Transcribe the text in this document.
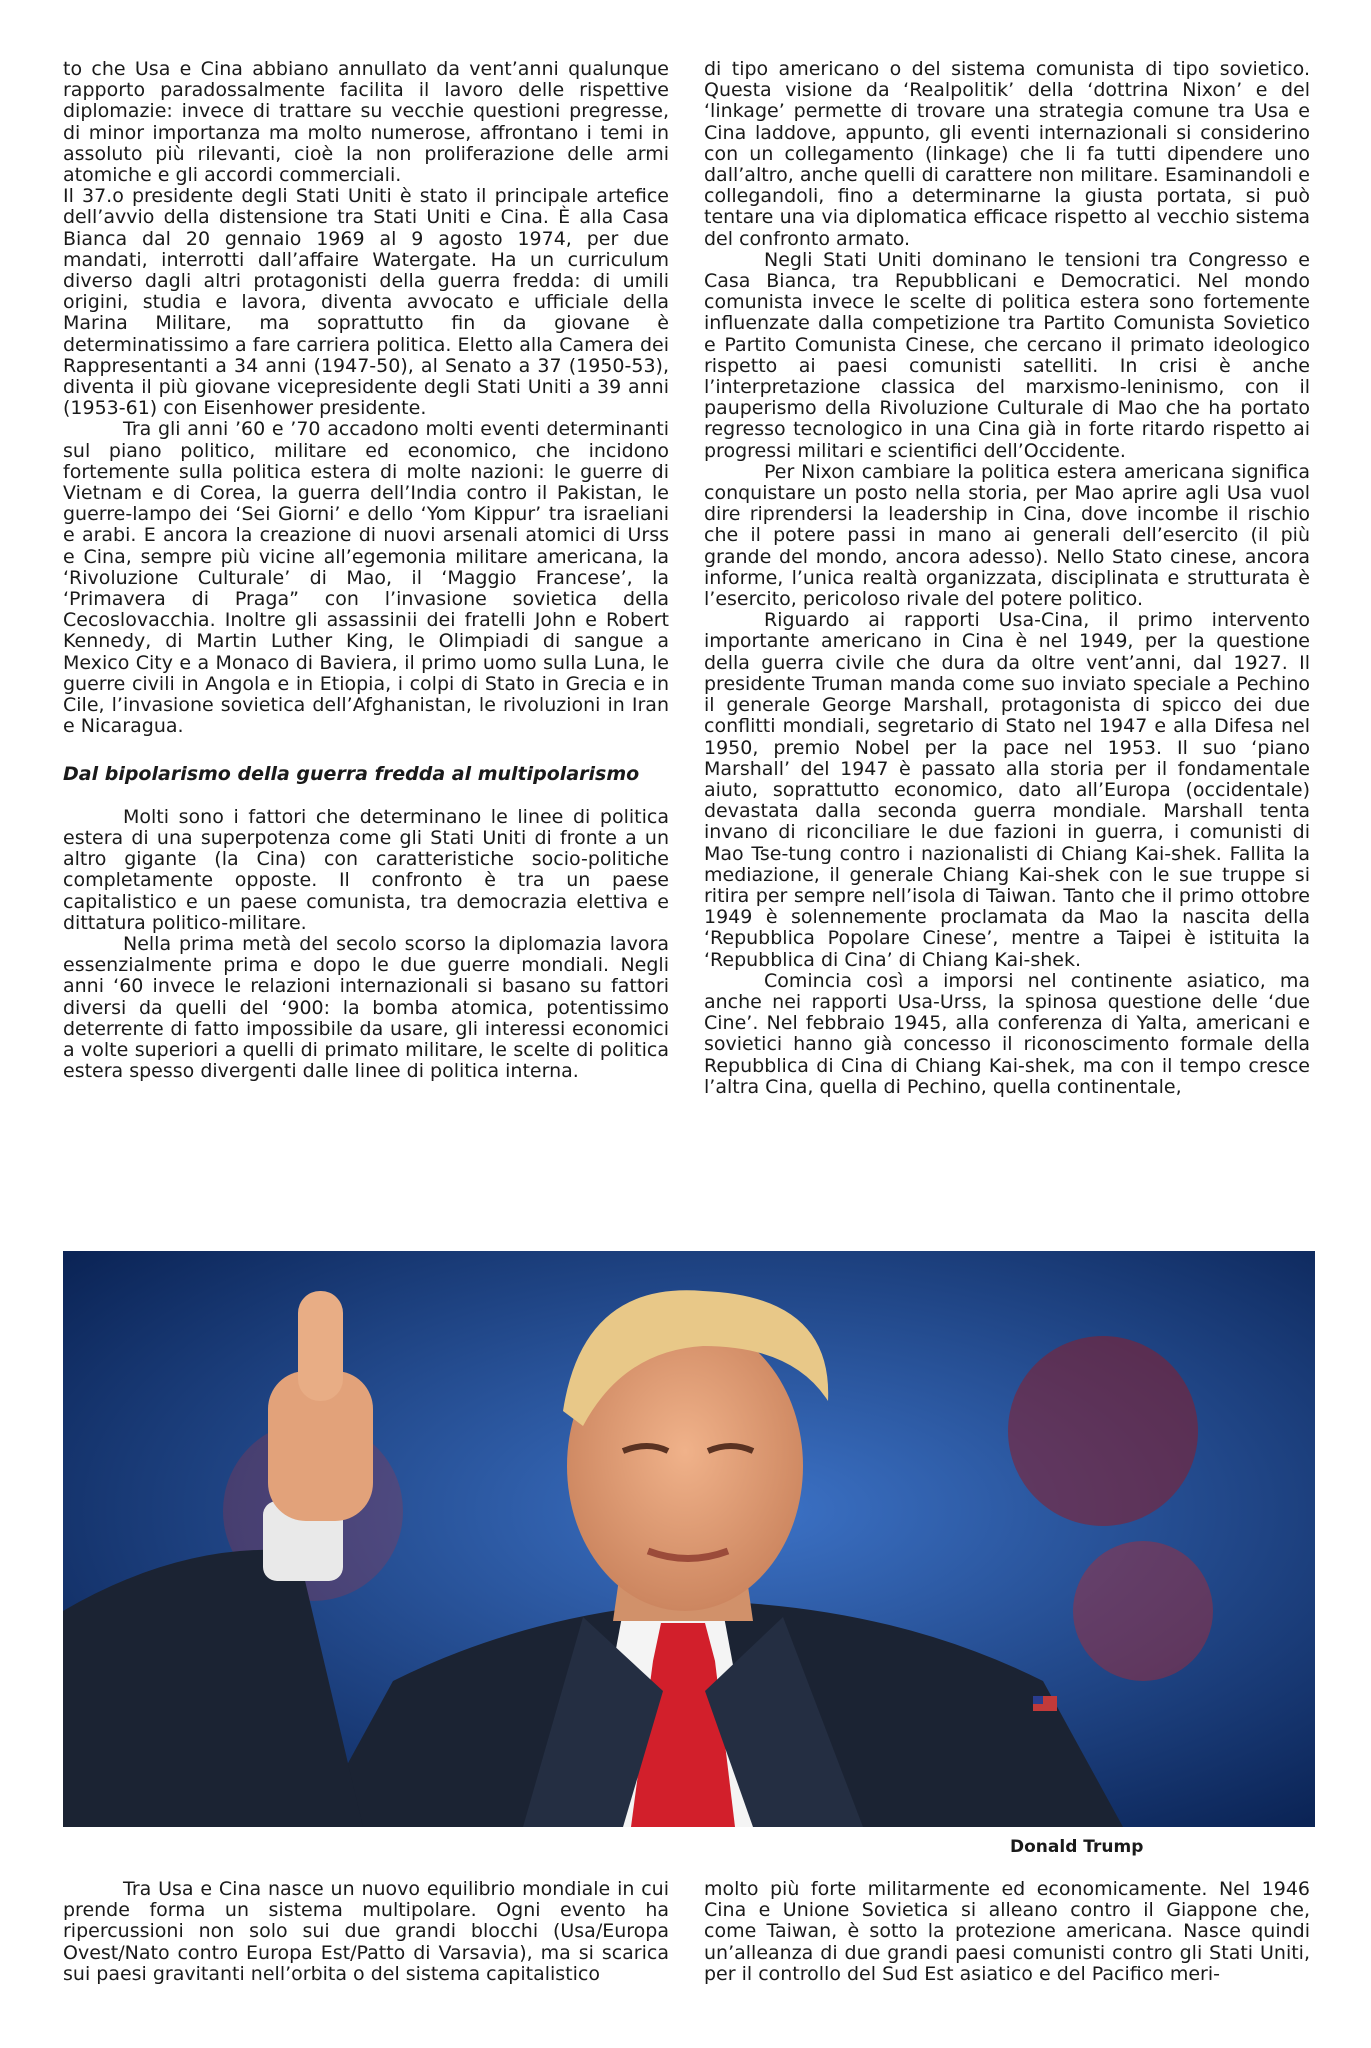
to che Usa e Cina abbiano annullato da vent’anni qualunque rapporto paradossalmente facilita il lavoro delle rispettive diplomazie: invece di trattare su vecchie questioni pregresse, di minor importanza ma molto numerose, affrontano i temi in assoluto più rilevanti, cioè la non proliferazione delle armi atomiche e gli accordi commerciali.

Il 37.o presidente degli Stati Uniti è stato il principale artefice dell’avvio della distensione tra Stati Uniti e Cina. È alla Casa Bianca dal 20 gennaio 1969 al 9 agosto 1974, per due mandati, interrotti dall’affaire Watergate. Ha un curriculum diverso dagli altri protagonisti della guerra fredda: di umili origini, studia e lavora, diventa avvocato e ufficiale della Marina Militare, ma soprattutto fin da giovane è determinatissimo a fare carriera politica. Eletto alla Camera dei Rappresentanti a 34 anni (1947-50), al Senato a 37 (1950-53), diventa il più giovane vicepresidente degli Stati Uniti a 39 anni (1953-61) con Eisenhower presidente.

Tra gli anni ’60 e ’70 accadono molti eventi determinanti sul piano politico, militare ed economico, che incidono fortemente sulla politica estera di molte nazioni: le guerre di Vietnam e di Corea, la guerra dell’India contro il Pakistan, le guerre-lampo dei ‘Sei Giorni’ e dello ‘Yom Kippur’ tra israeliani e arabi. E ancora la creazione di nuovi arsenali atomici di Urss e Cina, sempre più vicine all’egemonia militare americana, la ‘Rivoluzione Culturale’ di Mao, il ‘Maggio Francese’, la ‘Primavera di Praga” con l’invasione sovietica della Cecoslovacchia. Inoltre gli assassinii dei fratelli John e Robert Kennedy, di Martin Luther King, le Olimpiadi di sangue a Mexico City e a Monaco di Baviera, il primo uomo sulla Luna, le guerre civili in Angola e in Etiopia, i colpi di Stato in Grecia e in Cile, l’invasione sovietica dell’Afghanistan, le rivoluzioni in Iran e Nicaragua.

Dal bipolarismo della guerra fredda al multipolarismo

Molti sono i fattori che determinano le linee di politica estera di una superpotenza come gli Stati Uniti di fronte a un altro gigante (la Cina) con caratteristiche socio-politiche completamente opposte. Il confronto è tra un paese capitalistico e un paese comunista, tra democrazia elettiva e dittatura politico-militare.

Nella prima metà del secolo scorso la diplomazia lavora essenzialmente prima e dopo le due guerre mondiali. Negli anni ‘60 invece le relazioni internazionali si basano su fattori diversi da quelli del ‘900: la bomba atomica, potentissimo deterrente di fatto impossibile da usare, gli interessi economici a volte superiori a quelli di primato militare, le scelte di politica estera spesso divergenti dalle linee di politica interna.

di tipo americano o del sistema comunista di tipo sovietico. Questa visione da ‘Realpolitik’ della ‘dottrina Nixon’ e del ‘linkage’ permette di trovare una strategia comune tra Usa e Cina laddove, appunto, gli eventi internazionali si considerino con un collegamento (linkage) che li fa tutti dipendere uno dall’altro, anche quelli di carattere non militare. Esaminandoli e collegandoli, fino a determinarne la giusta portata, si può tentare una via diplomatica efficace rispetto al vecchio sistema del confronto armato.

Negli Stati Uniti dominano le tensioni tra Congresso e Casa Bianca, tra Repubblicani e Democratici. Nel mondo comunista invece le scelte di politica estera sono fortemente influenzate dalla competizione tra Partito Comunista Sovietico e Partito Comunista Cinese, che cercano il primato ideologico rispetto ai paesi comunisti satelliti. In crisi è anche l’interpretazione classica del marxismo-leninismo, con il pauperismo della Rivoluzione Culturale di Mao che ha portato regresso tecnologico in una Cina già in forte ritardo rispetto ai progressi militari e scientifici dell’Occidente.

Per Nixon cambiare la politica estera americana significa conquistare un posto nella storia, per Mao aprire agli Usa vuol dire riprendersi la leadership in Cina, dove incombe il rischio che il potere passi in mano ai generali dell’esercito (il più grande del mondo, ancora adesso). Nello Stato cinese, ancora informe, l’unica realtà organizzata, disciplinata e strutturata è l’esercito, pericoloso rivale del potere politico.

Riguardo ai rapporti Usa-Cina, il primo intervento importante americano in Cina è nel 1949, per la questione della guerra civile che dura da oltre vent’anni, dal 1927. Il presidente Truman manda come suo inviato speciale a Pechino il generale George Marshall, protagonista di spicco dei due conflitti mondiali, segretario di Stato nel 1947 e alla Difesa nel 1950, premio Nobel per la pace nel 1953. Il suo ‘piano Marshall’ del 1947 è passato alla storia per il fondamentale aiuto, soprattutto economico, dato all’Europa (occidentale) devastata dalla seconda guerra mondiale. Marshall tenta invano di riconciliare le due fazioni in guerra, i comunisti di Mao Tse-tung contro i nazionalisti di Chiang Kai-shek. Fallita la mediazione, il generale Chiang Kai-shek con le sue truppe si ritira per sempre nell’isola di Taiwan. Tanto che il primo ottobre 1949 è solennemente proclamata da Mao la nascita della ‘Repubblica Popolare Cinese’, mentre a Taipei è istituita la ‘Repubblica di Cina’ di Chiang Kai-shek.

Comincia così a imporsi nel continente asiatico, ma anche nei rapporti Usa-Urss, la spinosa questione delle ‘due Cine’. Nel febbraio 1945, alla conferenza di Yalta, americani e sovietici hanno già concesso il riconoscimento formale della Repubblica di Cina di Chiang Kai-shek, ma con il tempo cresce l’altra Cina, quella di Pechino, quella continentale,

Donald Trump

Tra Usa e Cina nasce un nuovo equilibrio mondiale in cui prende forma un sistema multipolare. Ogni evento ha ripercussioni non solo sui due grandi blocchi (Usa/Europa Ovest/Nato contro Europa Est/Patto di Varsavia), ma si scarica sui paesi gravitanti nell’orbita o del sistema capitalistico

molto più forte militarmente ed economicamente. Nel 1946 Cina e Unione Sovietica si alleano contro il Giappone che, come Taiwan, è sotto la protezione americana. Nasce quindi un’alleanza di due grandi paesi comunisti contro gli Stati Uniti, per il controllo del Sud Est asiatico e del Pacifico meri-
